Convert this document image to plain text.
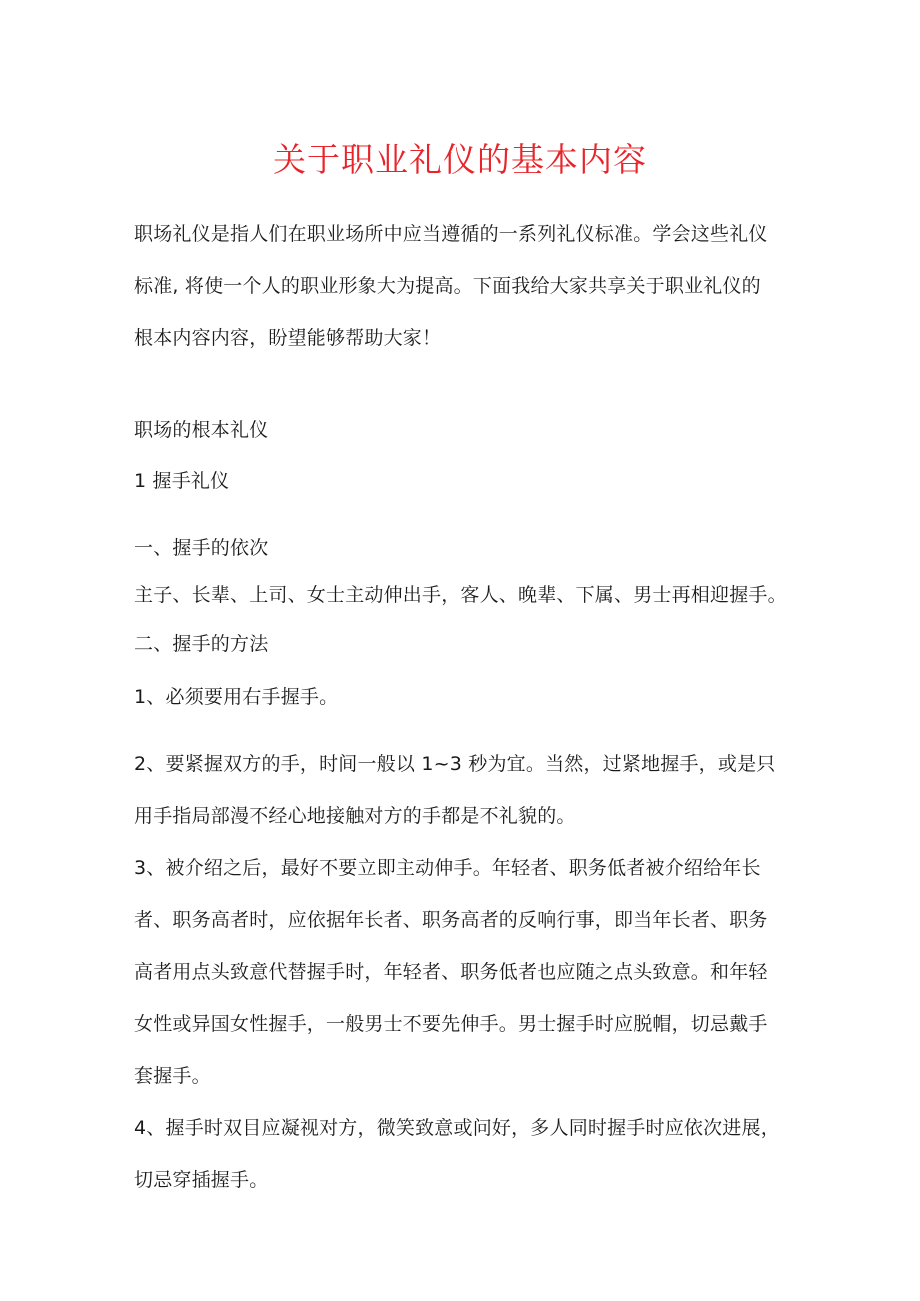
关于职业礼仪的基本内容
职场礼仪是指人们在职业场所中应当遵循的一系列礼仪标准。学会这些礼仪
标准, 将使一个人的职业形象大为提高。下面我给大家共享关于职业礼仪的
根本内容内容，盼望能够帮助大家！
职场的根本礼仪
1 握手礼仪
一、握手的依次
主子、长辈、上司、女士主动伸出手，客人、晚辈、下属、男士再相迎握手。
二、握手的方法
1、必须要用右手握手。
2、要紧握双方的手，时间一般以 1~3 秒为宜。当然，过紧地握手，或是只
用手指局部漫不经心地接触对方的手都是不礼貌的。
3、被介绍之后，最好不要立即主动伸手。年轻者、职务低者被介绍给年长
者、职务高者时，应依据年长者、职务高者的反响行事，即当年长者、职务
高者用点头致意代替握手时，年轻者、职务低者也应随之点头致意。和年轻
女性或异国女性握手，一般男士不要先伸手。男士握手时应脱帽，切忌戴手
套握手。
4、握手时双目应凝视对方，微笑致意或问好，多人同时握手时应依次进展，
切忌穿插握手。
